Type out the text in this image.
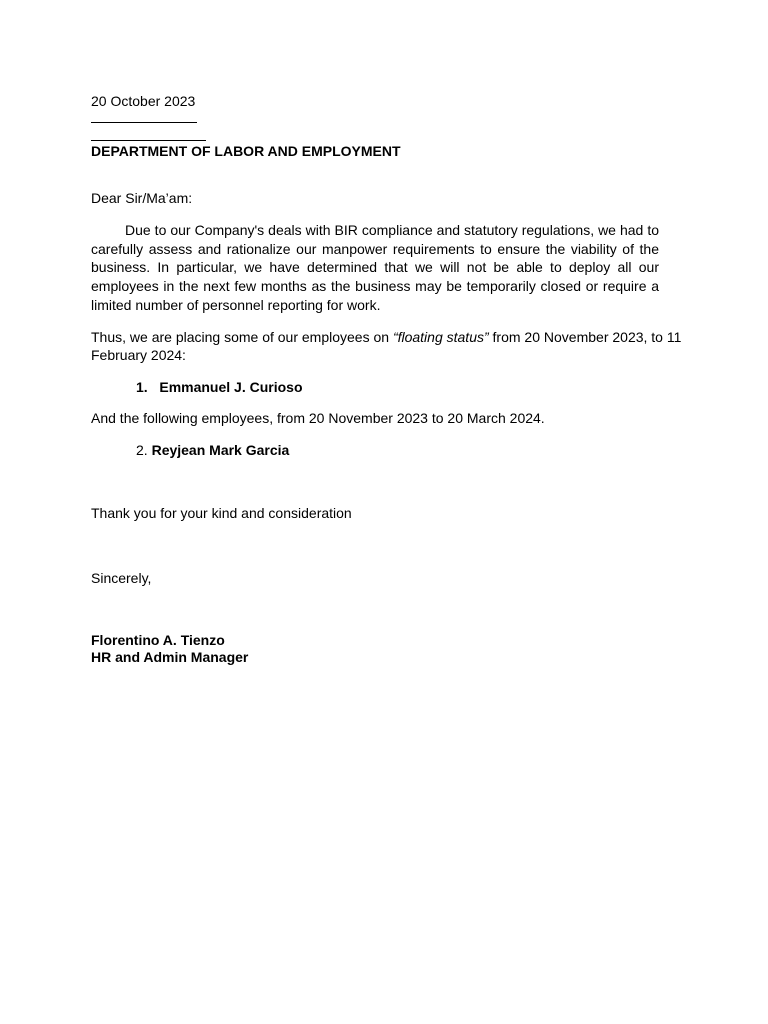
20 October 2023
DEPARTMENT OF LABOR AND EMPLOYMENT
Dear Sir/Ma’am:
Due to our Company's deals with BIR compliance and statutory regulations, we had to
carefully assess and rationalize our manpower requirements to ensure the viability of the
business. In particular, we have determined that we will not be able to deploy all our
employees in the next few months as the business may be temporarily closed or require a
limited number of personnel reporting for work.
Thus, we are placing some of our employees on “floating status” from 20 November 2023, to 11
February 2024:
1. Emmanuel J. Curioso
And the following employees, from 20 November 2023 to 20 March 2024.
2. Reyjean Mark Garcia
Thank you for your kind and consideration
Sincerely,
Florentino A. Tienzo
HR and Admin Manager
